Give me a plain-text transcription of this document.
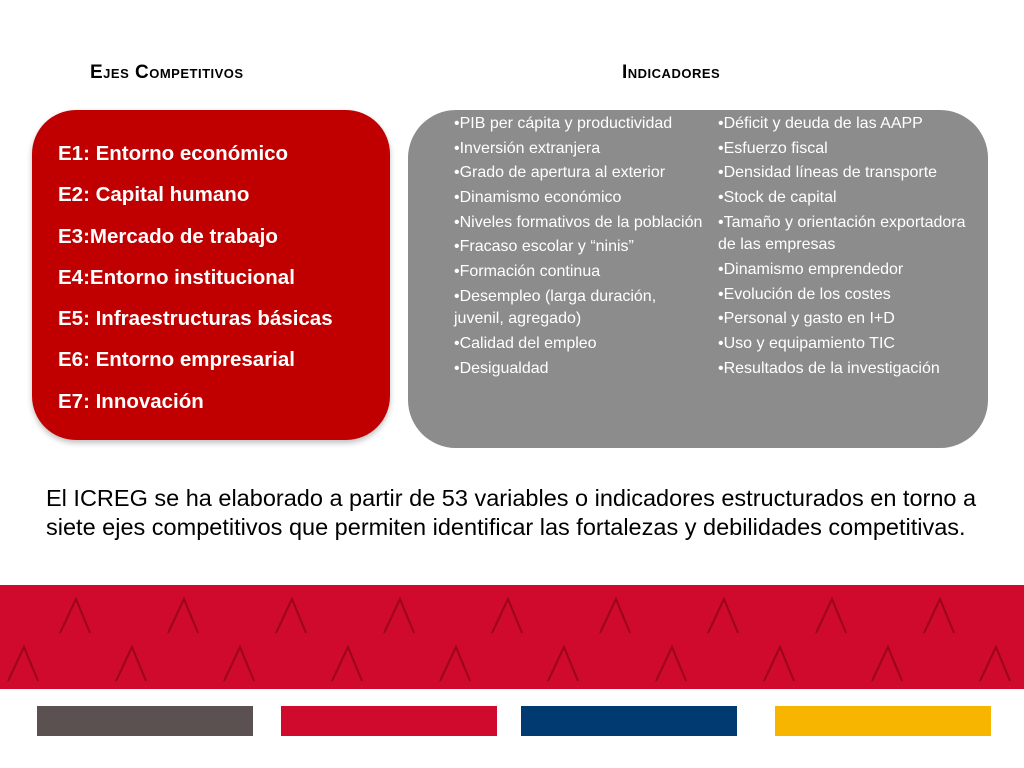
Ejes Competitivos	Indicadores
E1: Entorno económico
E2: Capital humano
E3:Mercado de trabajo
E4:Entorno institucional
E5: Infraestructuras básicas
E6: Entorno empresarial
E7: Innovación
•PIB per cápita y productividad
•Inversión extranjera
•Grado de apertura al exterior
•Dinamismo económico
•Niveles formativos de la población
•Fracaso escolar y “ninis”
•Formación continua
•Desempleo (larga duración, juvenil, agregado)
•Calidad del empleo
•Desigualdad
•Déficit y deuda de las AAPP
•Esfuerzo fiscal
•Densidad líneas de transporte
•Stock de capital
•Tamaño y orientación exportadora de las empresas
•Dinamismo emprendedor
•Evolución de los costes
•Personal y gasto en I+D
•Uso y equipamiento TIC
•Resultados de la investigación

El ICREG se ha elaborado a partir de 53 variables o indicadores estructurados en torno a siete ejes competitivos que permiten identificar las fortalezas y debilidades competitivas.
